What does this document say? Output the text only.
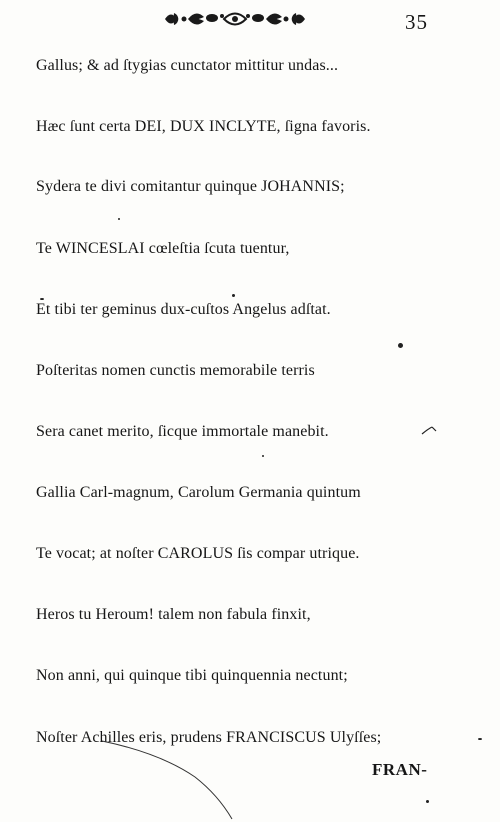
35
Gallus; & ad ſtygias cunctator mittitur undas...
Hæc ſunt certa DEI, DUX INCLYTE, ſigna favoris.
Sydera te divi comitantur quinque JOHANNIS;
Te WINCESLAI cœleſtia ſcuta tuentur,
Et tibi ter geminus dux-cuſtos Angelus adſtat.
Poſteritas nomen cunctis memorabile terris
Sera canet merito, ſicque immortale manebit.
Gallia Carl-magnum, Carolum Germania quintum
Te vocat; at noſter CAROLUS ſis compar utrique.
Heros tu Heroum! talem non fabula finxit,
Non anni, qui quinque tibi quinquennia nectunt;
Noſter Achilles eris, prudens FRANCISCUS Ulyſſes;
FRAN-
